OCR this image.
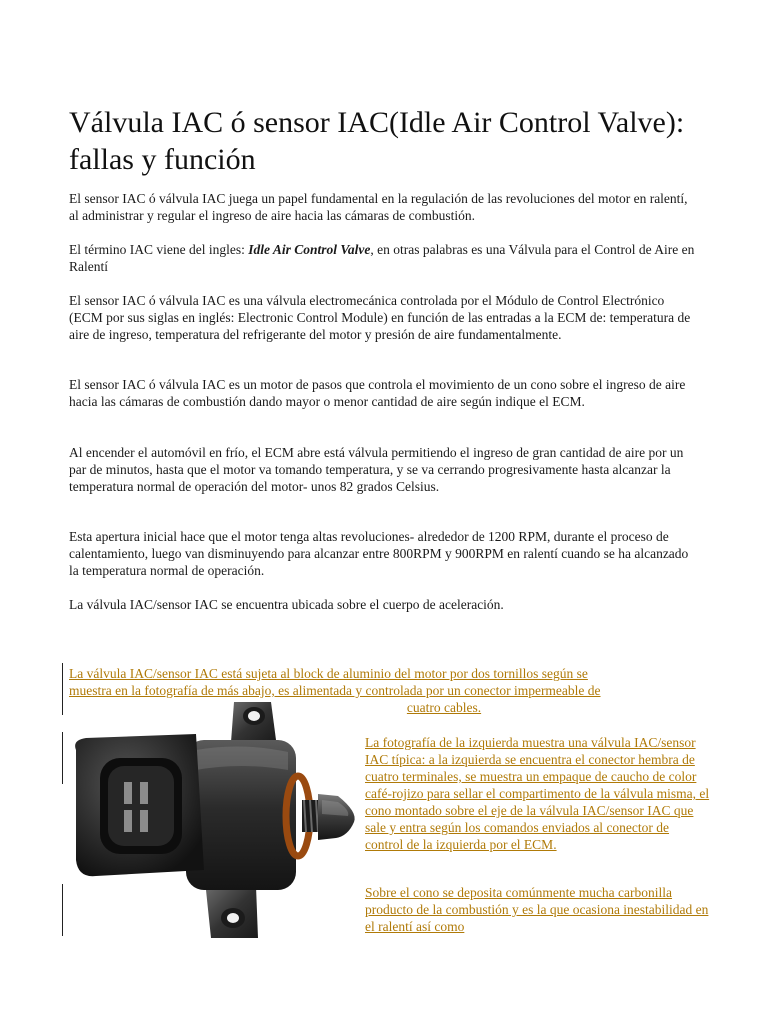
Válvula IAC ó sensor IAC(Idle Air Control Valve): fallas y función

El sensor IAC ó válvula IAC juega un papel fundamental en la regulación de las revoluciones del motor en ralentí, al administrar y regular el ingreso de aire hacia las cámaras de combustión.

El término IAC viene del ingles: Idle Air Control Valve, en otras palabras es una Válvula para el Control de Aire en Ralentí

El sensor IAC ó válvula IAC es una válvula electromecánica controlada por el Módulo de Control Electrónico (ECM por sus siglas en inglés: Electronic Control Module) en función de las entradas a la ECM de: temperatura de aire de ingreso, temperatura del refrigerante del motor y presión de aire fundamentalmente.

El sensor IAC ó válvula IAC es un motor de pasos que controla el movimiento de un cono sobre el ingreso de aire hacia las cámaras de combustión dando mayor o menor cantidad de aire según indique el ECM.

Al encender el automóvil en frío, el ECM abre está válvula permitiendo el ingreso de gran cantidad de aire por un par de minutos, hasta que el motor va tomando temperatura, y se va cerrando progresivamente hasta alcanzar la temperatura normal de operación del motor- unos 82 grados Celsius.

Esta apertura inicial hace que el motor tenga altas revoluciones- alrededor de 1200 RPM, durante el proceso de calentamiento, luego van disminuyendo para alcanzar entre 800RPM y 900RPM en ralentí cuando se ha alcanzado la temperatura normal de operación.

La válvula IAC/sensor IAC se encuentra ubicada sobre el cuerpo de aceleración.

La válvula IAC/sensor IAC está sujeta al block de aluminio del motor por dos tornillos según se
muestra en la fotografía de más abajo, es alimentada y controlada por un conector impermeable de
cuatro cables.

La fotografía de la izquierda muestra una válvula IAC/sensor IAC típica: a la izquierda se encuentra el conector hembra de cuatro terminales, se muestra un empaque de caucho de color café-rojizo para sellar el compartimento de la válvula misma, el cono montado sobre el eje de la válvula IAC/sensor IAC que sale y entra según los comandos enviados al conector de control de la izquierda por el ECM.

Sobre el cono se deposita comúnmente mucha carbonilla producto de la combustión y es la que ocasiona inestabilidad en el ralentí así como
